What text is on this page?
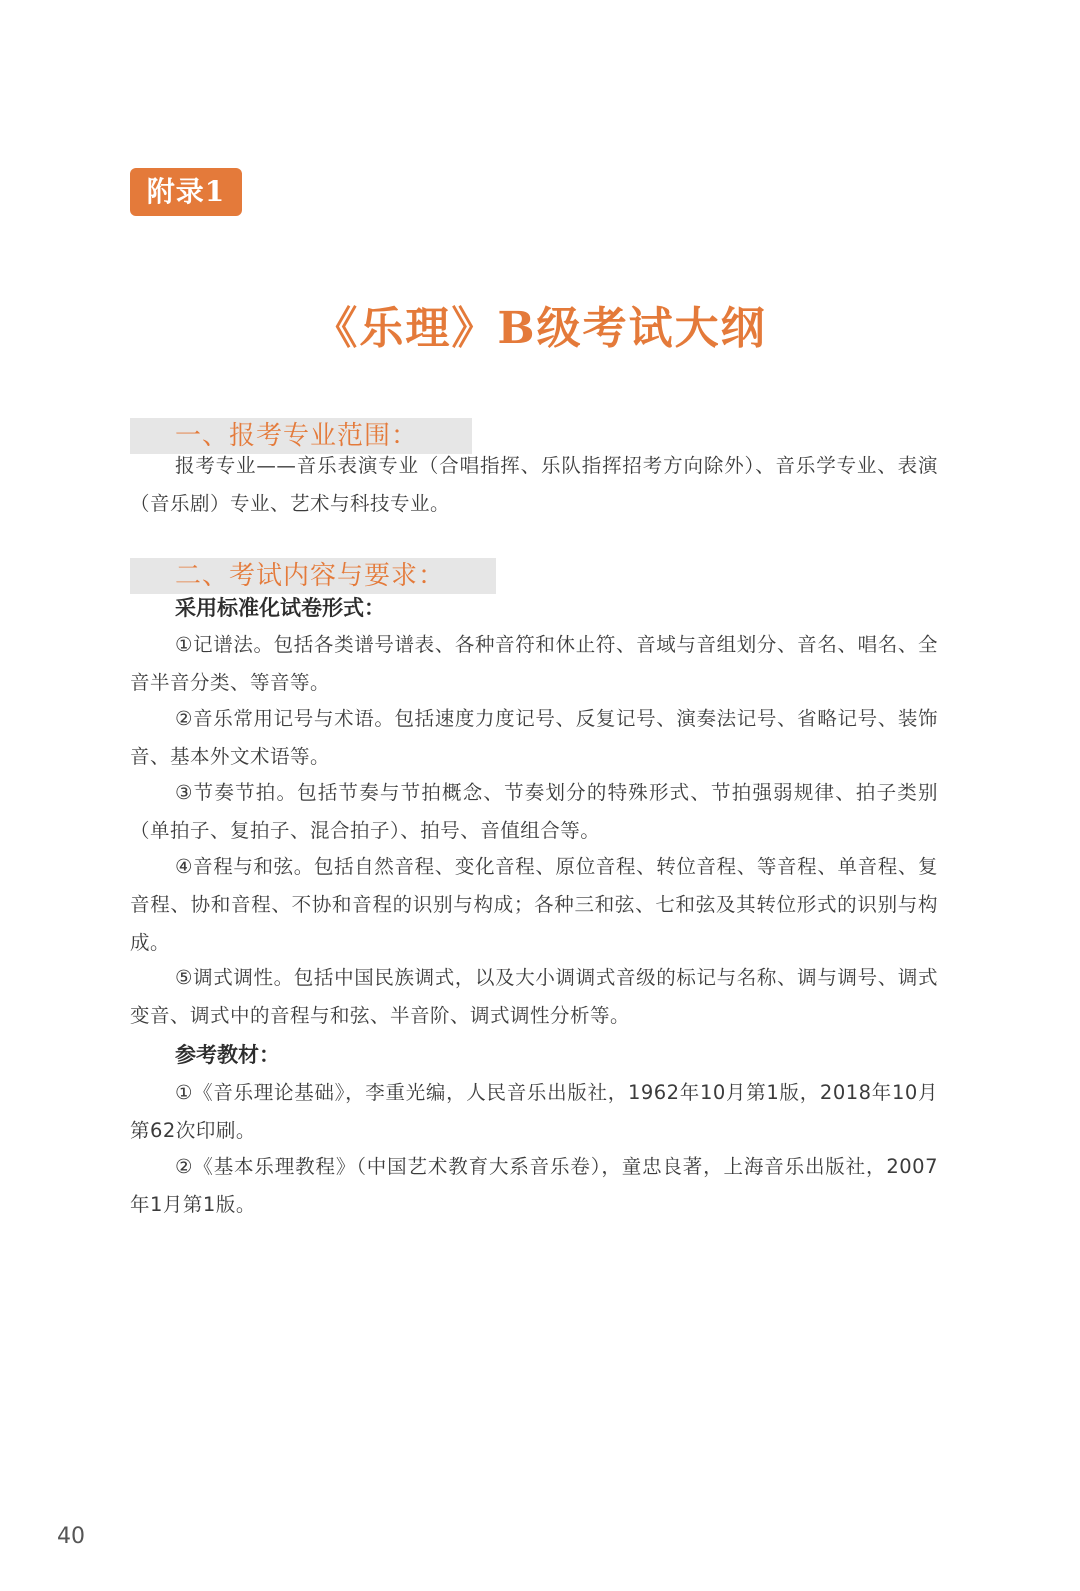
附录1
《乐理》B级考试大纲
一、报考专业范围：

报考专业——音乐表演专业（合唱指挥、乐队指挥招考方向除外）、音乐学专业、表演（音乐剧）专业、艺术与科技专业。

二、考试内容与要求：
采用标准化试卷形式：

①记谱法。包括各类谱号谱表、各种音符和休止符、音域与音组划分、音名、唱名、全音半音分类、等音等。

②音乐常用记号与术语。包括速度力度记号、反复记号、演奏法记号、省略记号、装饰音、基本外文术语等。

③节奏节拍。包括节奏与节拍概念、节奏划分的特殊形式、节拍强弱规律、拍子类别（单拍子、复拍子、混合拍子）、拍号、音值组合等。

④音程与和弦。包括自然音程、变化音程、原位音程、转位音程、等音程、单音程、复音程、协和音程、不协和音程的识别与构成；各种三和弦、七和弦及其转位形式的识别与构成。

⑤调式调性。包括中国民族调式，以及大小调调式音级的标记与名称、调与调号、调式变音、调式中的音程与和弦、半音阶、调式调性分析等。

参考教材：

①《音乐理论基础》，李重光编，人民音乐出版社，1962年10月第1版，2018年10月第62次印刷。

②《基本乐理教程》（中国艺术教育大系音乐卷），童忠良著，上海音乐出版社，2007年1月第1版。

40
